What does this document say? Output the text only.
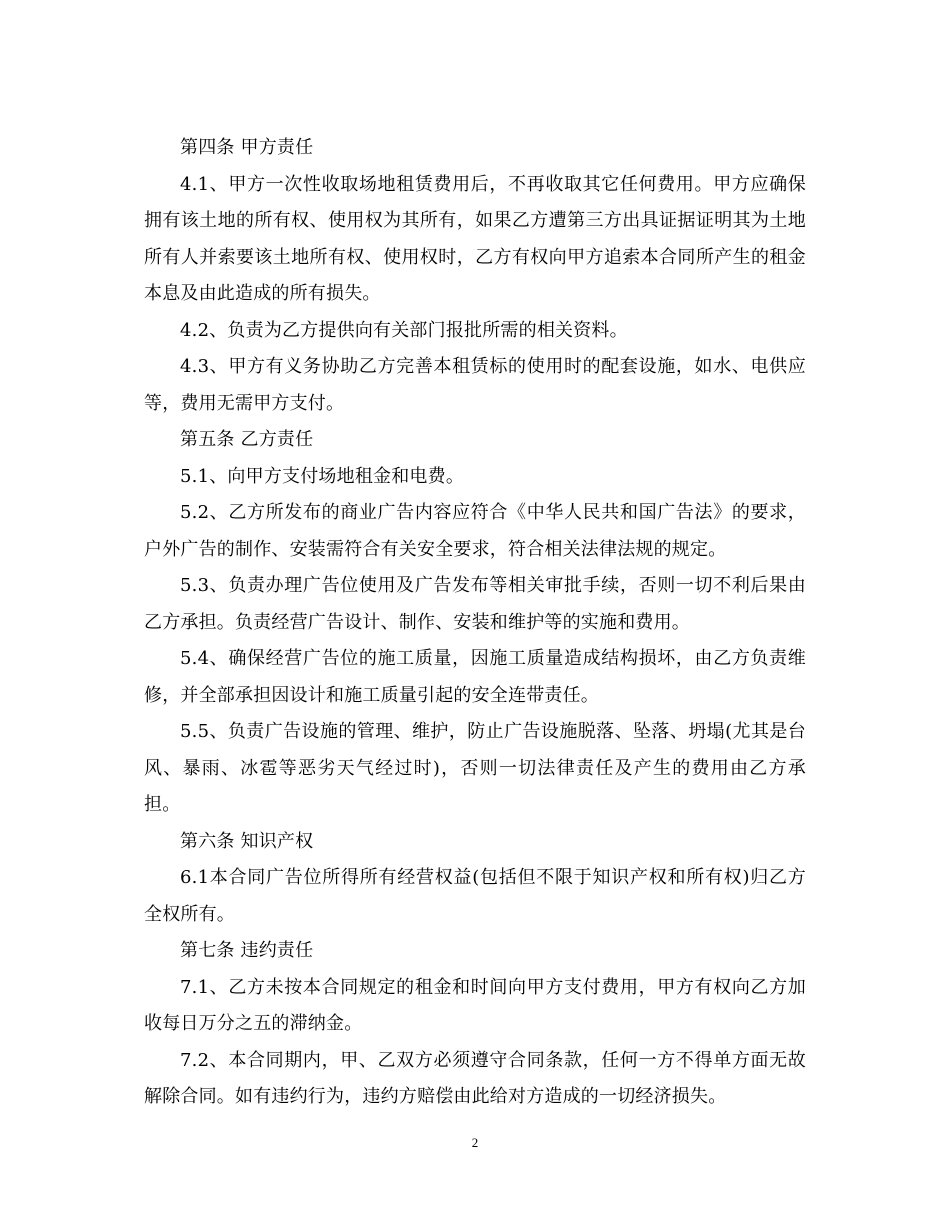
第四条 甲方责任

4.1、甲方一次性收取场地租赁费用后，不再收取其它任何费用。甲方应确保拥有该土地的所有权、使用权为其所有，如果乙方遭第三方出具证据证明其为土地所有人并索要该土地所有权、使用权时，乙方有权向甲方追索本合同所产生的租金本息及由此造成的所有损失。

4.2、负责为乙方提供向有关部门报批所需的相关资料。

4.3、甲方有义务协助乙方完善本租赁标的使用时的配套设施，如水、电供应等，费用无需甲方支付。

第五条 乙方责任

5.1、向甲方支付场地租金和电费。

5.2、乙方所发布的商业广告内容应符合《中华人民共和国广告法》的要求，户外广告的制作、安装需符合有关安全要求，符合相关法律法规的规定。

5.3、负责办理广告位使用及广告发布等相关审批手续，否则一切不利后果由乙方承担。负责经营广告设计、制作、安装和维护等的实施和费用。

5.4、确保经营广告位的施工质量，因施工质量造成结构损坏，由乙方负责维修，并全部承担因设计和施工质量引起的安全连带责任。

5.5、负责广告设施的管理、维护，防止广告设施脱落、坠落、坍塌(尤其是台风、暴雨、冰雹等恶劣天气经过时)，否则一切法律责任及产生的费用由乙方承担。

第六条 知识产权

6.1本合同广告位所得所有经营权益(包括但不限于知识产权和所有权)归乙方全权所有。

第七条 违约责任

7.1、乙方未按本合同规定的租金和时间向甲方支付费用，甲方有权向乙方加收每日万分之五的滞纳金。

7.2、本合同期内，甲、乙双方必须遵守合同条款，任何一方不得单方面无故解除合同。如有违约行为，违约方赔偿由此给对方造成的一切经济损失。

2
